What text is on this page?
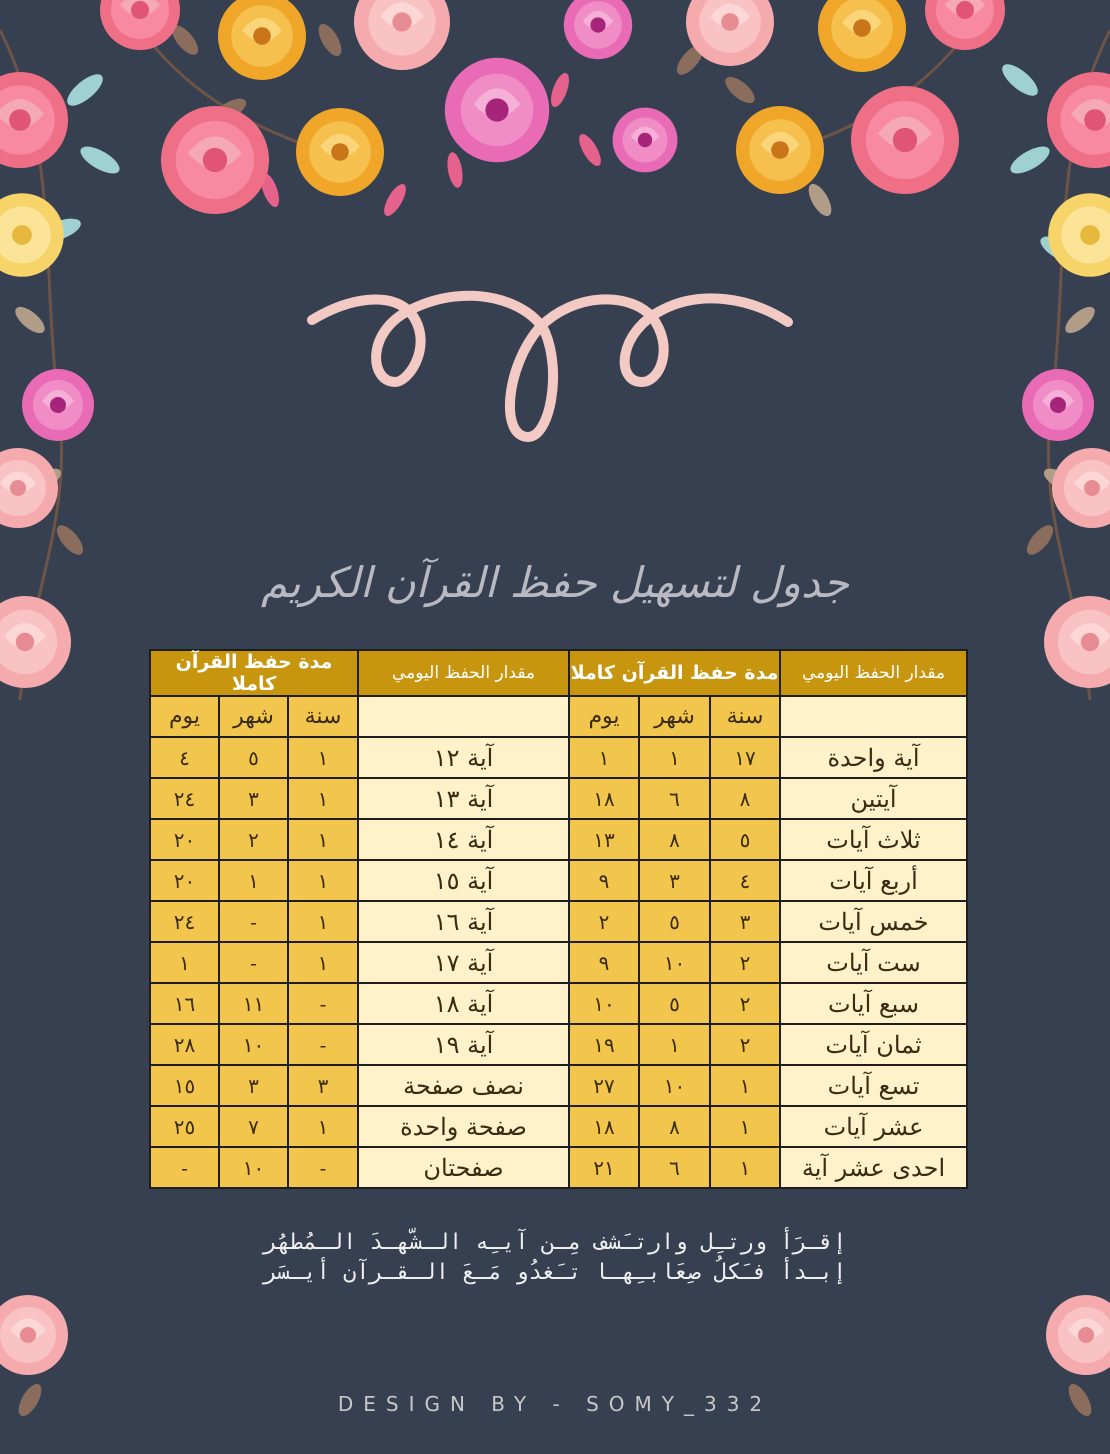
جدول لتسهيل حفظ القرآن الكريم
مقدار الحفظ اليومي	مدة حفظ القرآن كاملا			مقدار الحفظ اليومي	مدة حفظ القرآن كاملا		
	سنة	شهر	يوم		سنة	شهر	يوم
آية واحدة	١٧	١	١	آية ١٢	١	٥	٤
آيتين	٨	٦	١٨	آية ١٣	١	٣	٢٤
ثلاث آيات	٥	٨	١٣	آية ١٤	١	٢	٢٠
أربع آيات	٤	٣	٩	آية ١٥	١	١	٢٠
خمس آيات	٣	٥	٢	آية ١٦	١	-	٢٤
ست آيات	٢	١٠	٩	آية ١٧	١	-	١
سبع آيات	٢	٥	١٠	آية ١٨	-	١١	١٦
ثمان آيات	٢	١	١٩	آية ١٩	-	١٠	٢٨
تسع آيات	١	١٠	٢٧	نصف صفحة	٣	٣	١٥
عشر آيات	١	٨	١٨	صفحة واحدة	١	٧	٢٥
احدى عشر آية	١	٦	٢١	صفحتان	-	١٠	-
إقـرَأ ورتـِل وارتـَشف مِـن آيـِه الـشّهـدَ الـمُطهُر
إبـدأ فـَكلُ صِعَابـِهـا تـَغدُو مَـعَ الـقـرآن أيـسَر
DESIGN BY - SOMY_332
